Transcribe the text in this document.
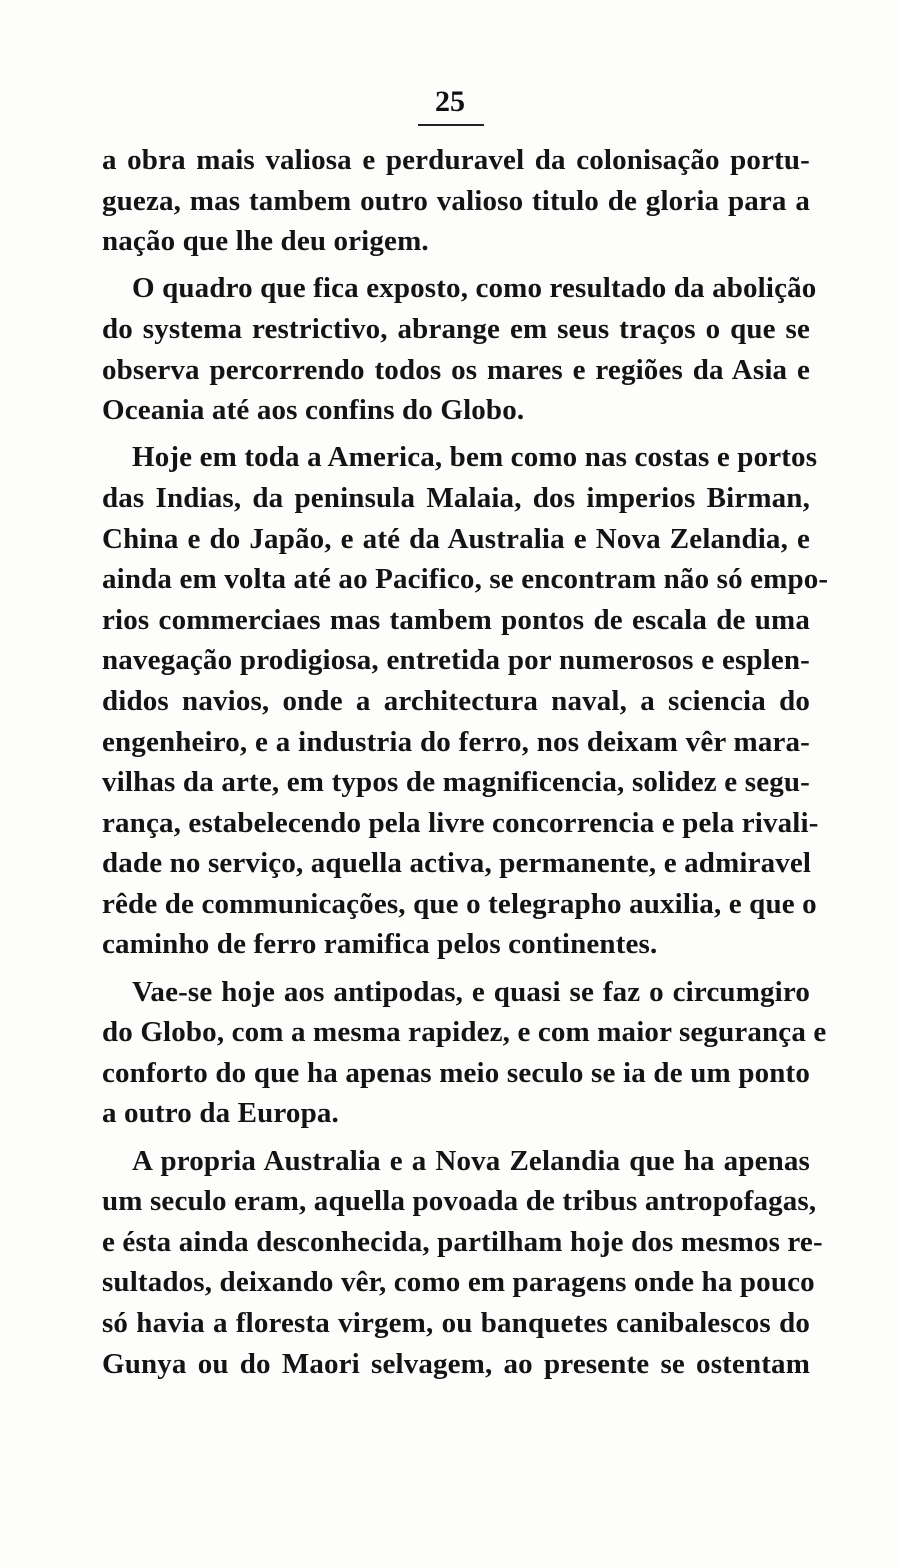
25
a obra mais valiosa e perduravel da colonisação portu-
gueza, mas tambem outro valioso titulo de gloria para a
nação que lhe deu origem.
O quadro que fica exposto, como resultado da abolição
do systema restrictivo, abrange em seus traços o que se
observa percorrendo todos os mares e regiões da Asia e
Oceania até aos confins do Globo.
Hoje em toda a America, bem como nas costas e portos
das Indias, da peninsula Malaia, dos imperios Birman,
China e do Japão, e até da Australia e Nova Zelandia, e
ainda em volta até ao Pacifico, se encontram não só empo-
rios commerciaes mas tambem pontos de escala de uma
navegação prodigiosa, entretida por numerosos e esplen-
didos navios, onde a architectura naval, a sciencia do
engenheiro, e a industria do ferro, nos deixam vêr mara-
vilhas da arte, em typos de magnificencia, solidez e segu-
rança, estabelecendo pela livre concorrencia e pela rivali-
dade no serviço, aquella activa, permanente, e admiravel
rêde de communicações, que o telegrapho auxilia, e que o
caminho de ferro ramifica pelos continentes.
Vae-se hoje aos antipodas, e quasi se faz o circumgiro
do Globo, com a mesma rapidez, e com maior segurança e
conforto do que ha apenas meio seculo se ia de um ponto
a outro da Europa.
A propria Australia e a Nova Zelandia que ha apenas
um seculo eram, aquella povoada de tribus antropofagas,
e ésta ainda desconhecida, partilham hoje dos mesmos re-
sultados, deixando vêr, como em paragens onde ha pouco
só havia a floresta virgem, ou banquetes canibalescos do
Gunya ou do Maori selvagem, ao presente se ostentam
